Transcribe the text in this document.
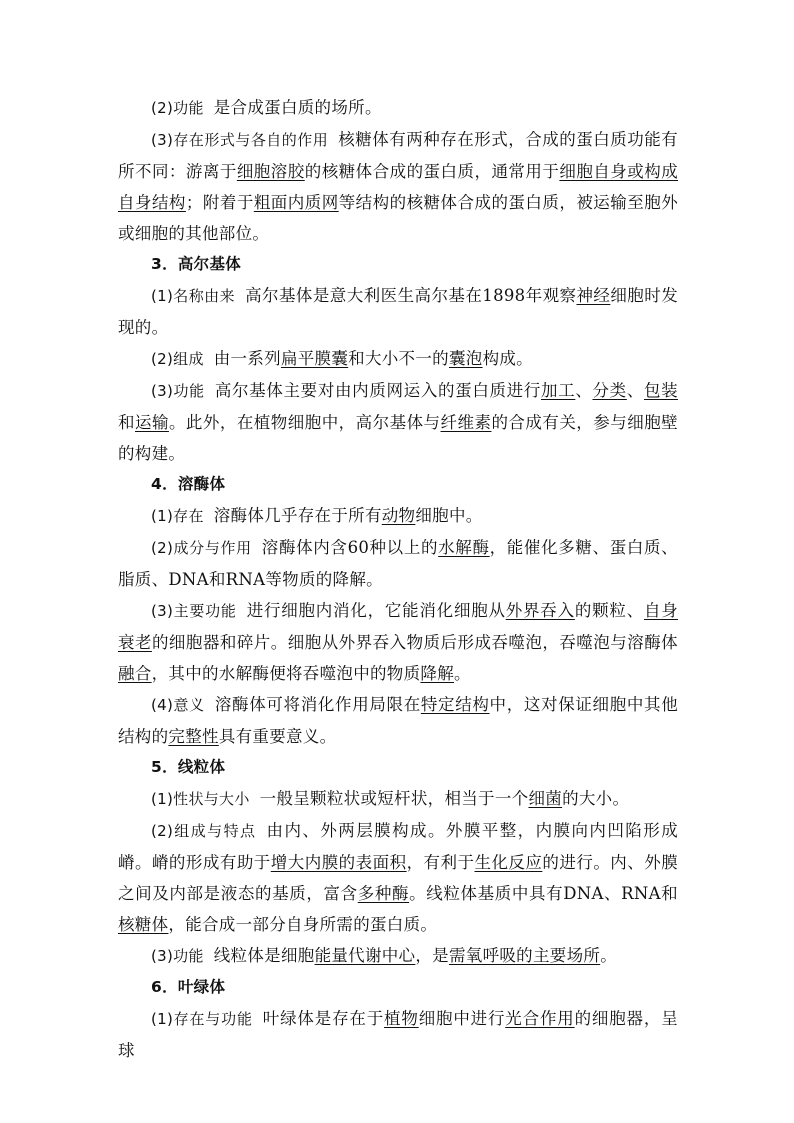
(2)功能 是合成蛋白质的场所。

(3)存在形式与各自的作用 核糖体有两种存在形式，合成的蛋白质功能有所不同：游离于细胞溶胶的核糖体合成的蛋白质，通常用于细胞自身或构成自身结构；附着于粗面内质网等结构的核糖体合成的蛋白质，被运输至胞外或细胞的其他部位。

3．高尔基体

(1)名称由来 高尔基体是意大利医生高尔基在1898年观察神经细胞时发现的。

(2)组成 由一系列扁平膜囊和大小不一的囊泡构成。

(3)功能 高尔基体主要对由内质网运入的蛋白质进行加工、分类、包装和运输。此外，在植物细胞中，高尔基体与纤维素的合成有关，参与细胞壁的构建。

4．溶酶体

(1)存在 溶酶体几乎存在于所有动物细胞中。

(2)成分与作用 溶酶体内含60种以上的水解酶，能催化多糖、蛋白质、脂质、DNA和RNA等物质的降解。

(3)主要功能 进行细胞内消化，它能消化细胞从外界吞入的颗粒、自身衰老的细胞器和碎片。细胞从外界吞入物质后形成吞噬泡，吞噬泡与溶酶体融合，其中的水解酶便将吞噬泡中的物质降解。

(4)意义 溶酶体可将消化作用局限在特定结构中，这对保证细胞中其他结构的完整性具有重要意义。

5．线粒体

(1)性状与大小 一般呈颗粒状或短杆状，相当于一个细菌的大小。

(2)组成与特点 由内、外两层膜构成。外膜平整，内膜向内凹陷形成嵴。嵴的形成有助于增大内膜的表面积，有利于生化反应的进行。内、外膜之间及内部是液态的基质，富含多种酶。线粒体基质中具有DNA、RNA和核糖体，能合成一部分自身所需的蛋白质。

(3)功能 线粒体是细胞能量代谢中心，是需氧呼吸的主要场所。

6．叶绿体

(1)存在与功能 叶绿体是存在于植物细胞中进行光合作用的细胞器，呈球
